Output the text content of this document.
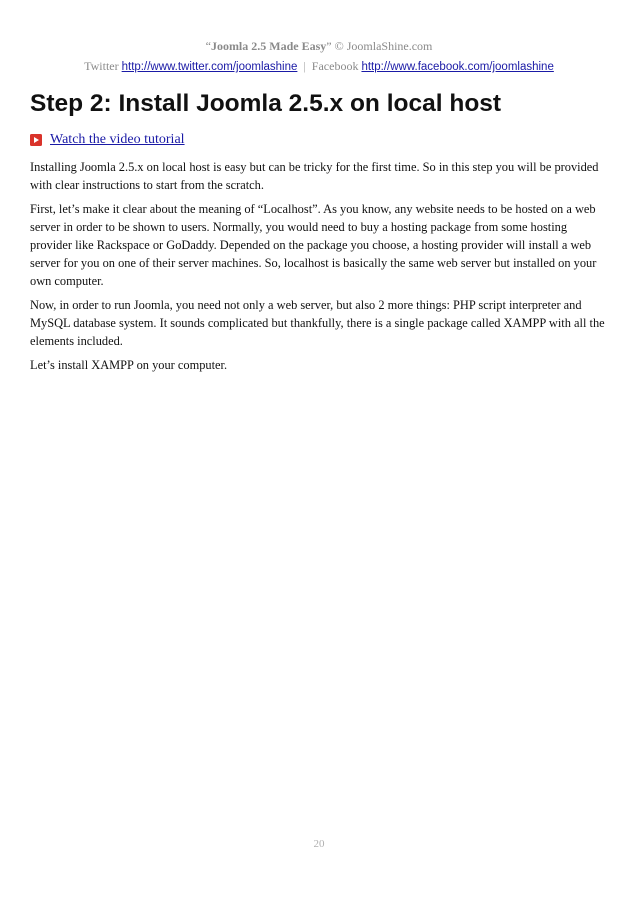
“Joomla 2.5 Made Easy” © JoomlaShine.com
Twitter http://www.twitter.com/joomlashine | Facebook http://www.facebook.com/joomlashine
Step 2: Install Joomla 2.5.x on local host
Watch the video tutorial

Installing Joomla 2.5.x on local host is easy but can be tricky for the first time. So in this step you will be provided with clear instructions to start from the scratch.

First, let’s make it clear about the meaning of “Localhost”. As you know, any website needs to be hosted on a web server in order to be shown to users. Normally, you would need to buy a hosting package from some hosting provider like Rackspace or GoDaddy. Depended on the package you choose, a hosting provider will install a web server for you on one of their server machines. So, localhost is basically the same web server but installed on your own computer.

Now, in order to run Joomla, you need not only a web server, but also 2 more things: PHP script interpreter and MySQL database system. It sounds complicated but thankfully, there is a single package called XAMPP with all the elements included.

Let’s install XAMPP on your computer.

20
